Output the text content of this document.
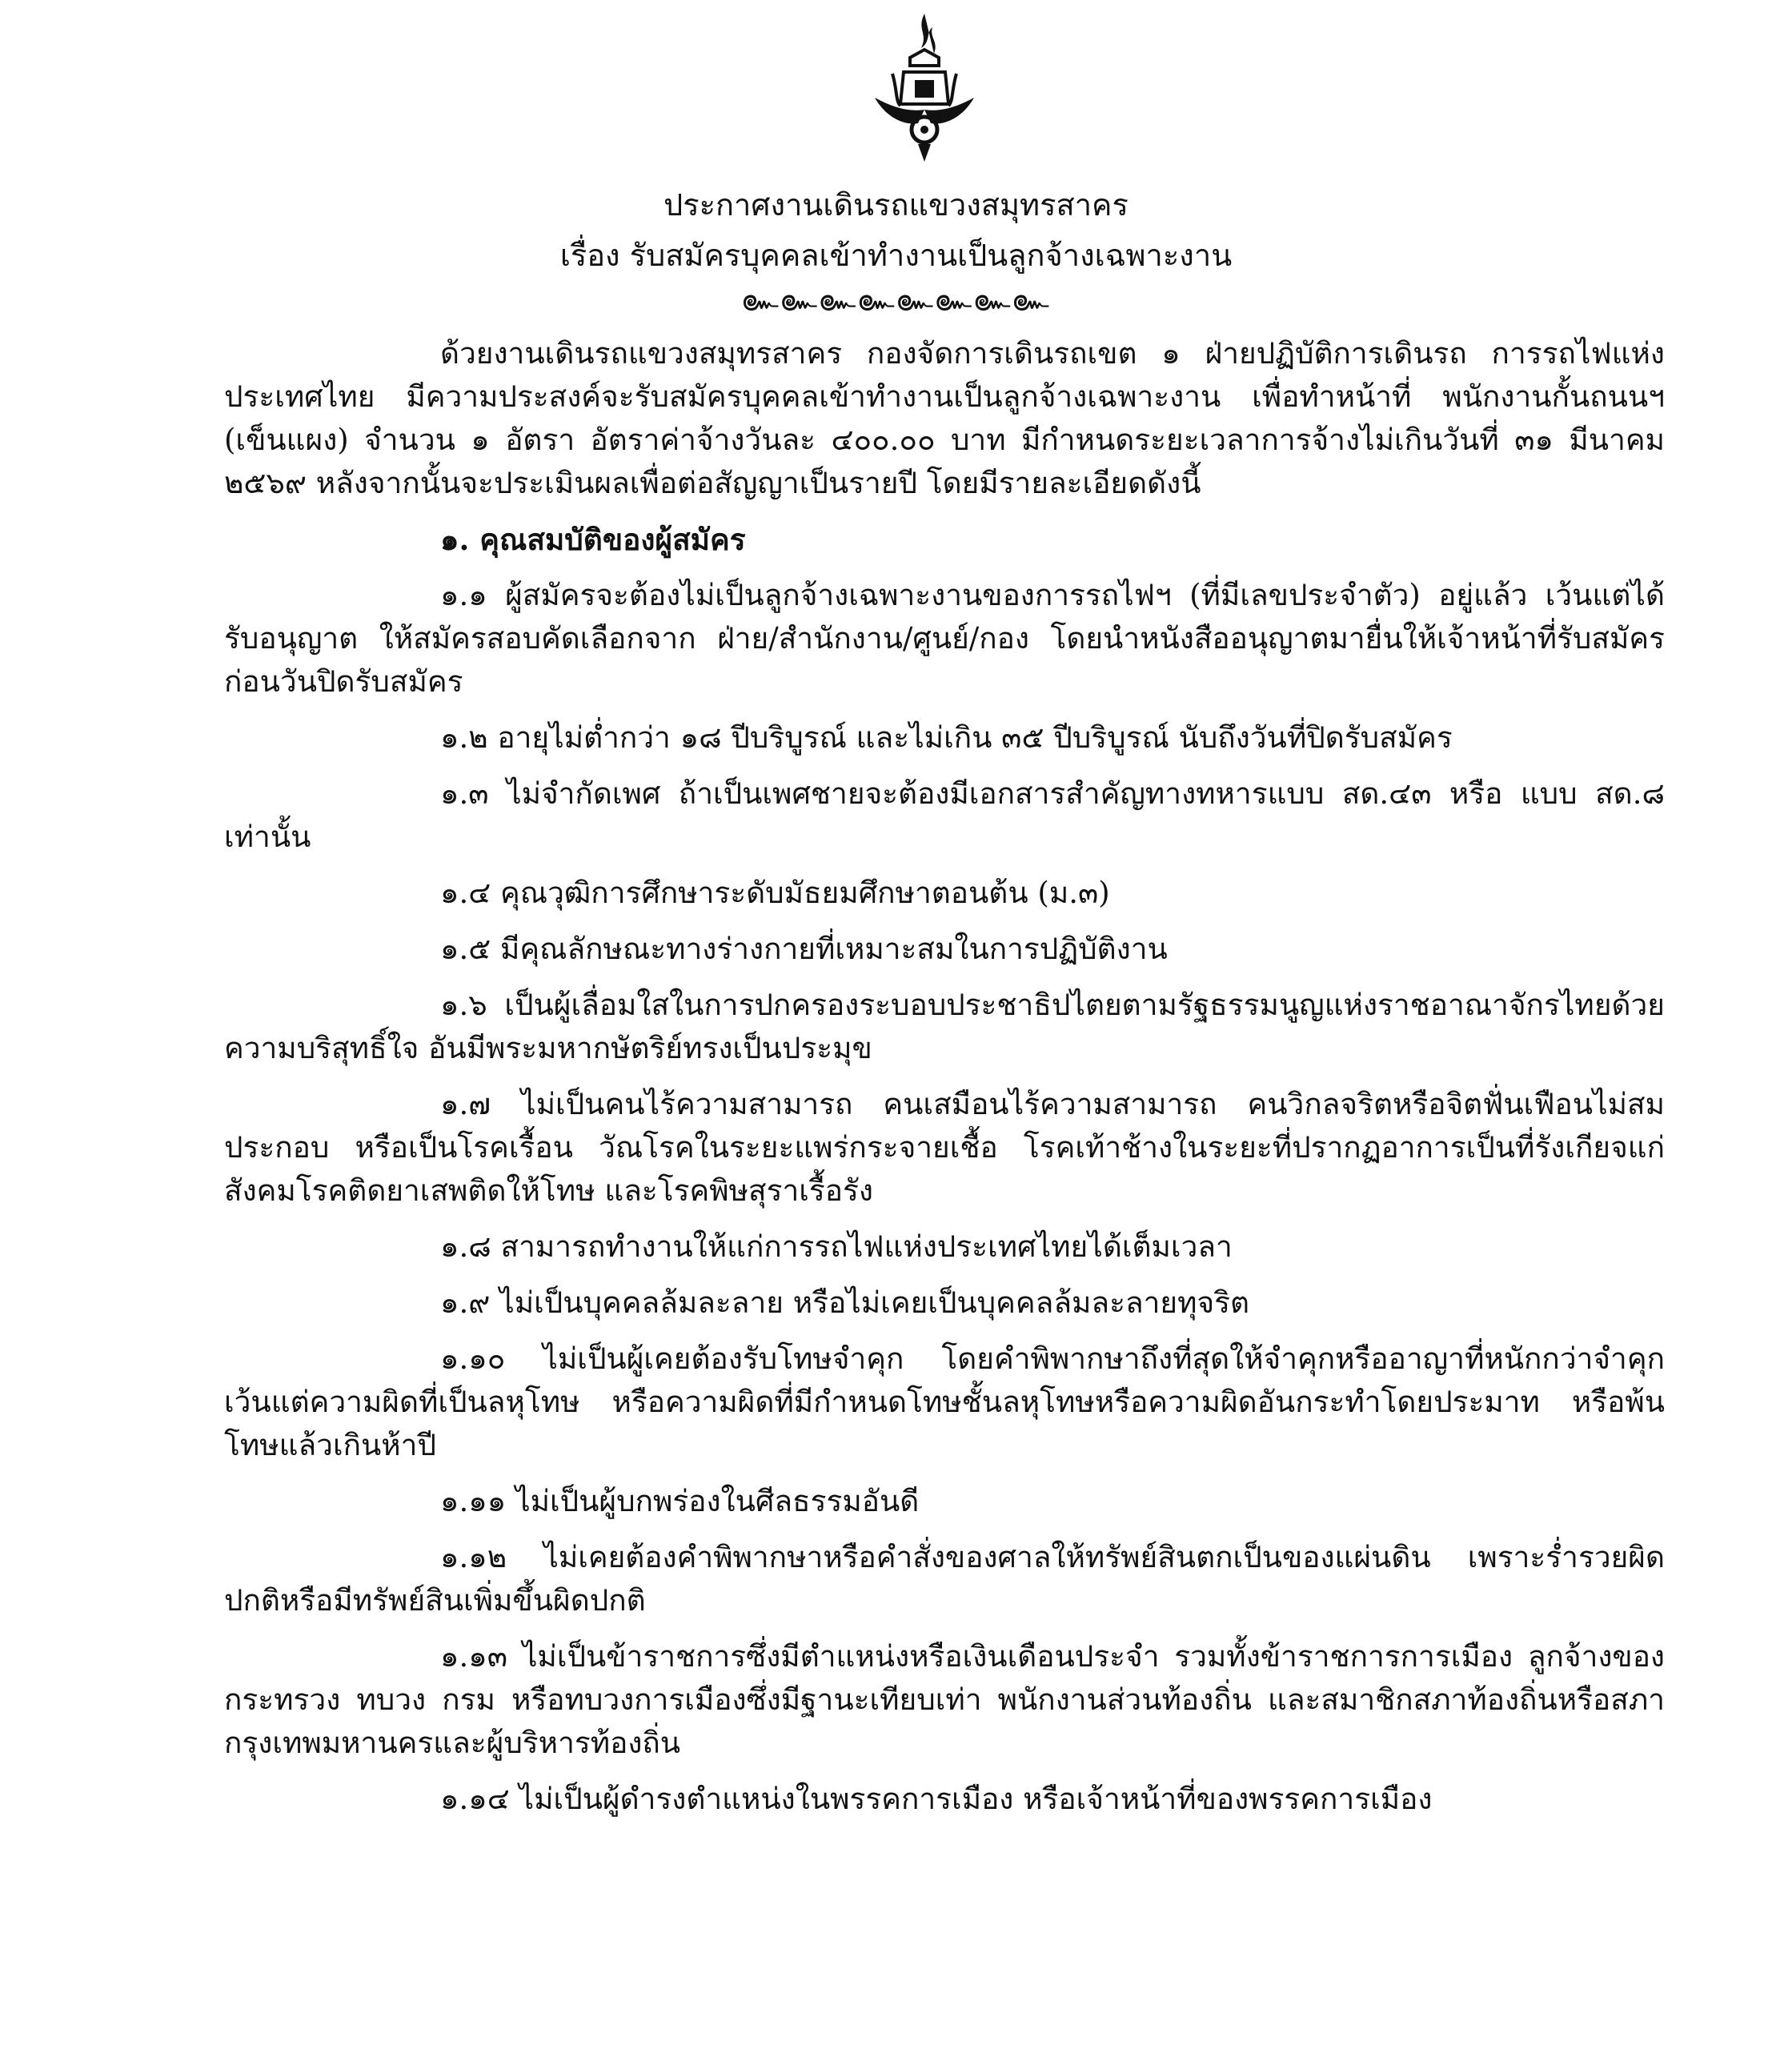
ประกาศงานเดินรถแขวงสมุทรสาคร
เรื่อง รับสมัครบุคคลเข้าทำงานเป็นลูกจ้างเฉพาะงาน
๛๛๛๛๛๛๛๛

ด้วยงานเดินรถแขวงสมุทรสาคร กองจัดการเดินรถเขต ๑ ฝ่ายปฏิบัติการเดินรถ การรถไฟแห่งประเทศไทย มีความประสงค์จะรับสมัครบุคคลเข้าทำงานเป็นลูกจ้างเฉพาะงาน เพื่อทำหน้าที่ พนักงานกั้นถนนฯ (เข็นแผง) จำนวน ๑ อัตรา อัตราค่าจ้างวันละ ๔๐๐.๐๐ บาท มีกำหนดระยะเวลาการจ้างไม่เกินวันที่ ๓๑ มีนาคม ๒๕๖๙ หลังจากนั้นจะประเมินผลเพื่อต่อสัญญาเป็นรายปี โดยมีรายละเอียดดังนี้

๑. คุณสมบัติของผู้สมัคร

๑.๑ ผู้สมัครจะต้องไม่เป็นลูกจ้างเฉพาะงานของการรถไฟฯ (ที่มีเลขประจำตัว) อยู่แล้ว เว้นแต่ได้รับอนุญาต ให้สมัครสอบคัดเลือกจาก ฝ่าย/สำนักงาน/ศูนย์/กอง โดยนำหนังสืออนุญาตมายื่นให้เจ้าหน้าที่รับสมัครก่อนวันปิดรับสมัคร

๑.๒ อายุไม่ต่ำกว่า ๑๘ ปีบริบูรณ์ และไม่เกิน ๓๕ ปีบริบูรณ์ นับถึงวันที่ปิดรับสมัคร

๑.๓ ไม่จำกัดเพศ ถ้าเป็นเพศชายจะต้องมีเอกสารสำคัญทางทหารแบบ สด.๔๓ หรือ แบบ สด.๘ เท่านั้น

๑.๔ คุณวุฒิการศึกษาระดับมัธยมศึกษาตอนต้น (ม.๓)

๑.๕ มีคุณลักษณะทางร่างกายที่เหมาะสมในการปฏิบัติงาน

๑.๖ เป็นผู้เลื่อมใสในการปกครองระบอบประชาธิปไตยตามรัฐธรรมนูญแห่งราชอาณาจักรไทยด้วยความบริสุทธิ์ใจ อันมีพระมหากษัตริย์ทรงเป็นประมุข

๑.๗ ไม่เป็นคนไร้ความสามารถ คนเสมือนไร้ความสามารถ คนวิกลจริตหรือจิตฟั่นเฟือนไม่สมประกอบ หรือเป็นโรคเรื้อน วัณโรคในระยะแพร่กระจายเชื้อ โรคเท้าช้างในระยะที่ปรากฏอาการเป็นที่รังเกียจแก่สังคมโรคติดยาเสพติดให้โทษ และโรคพิษสุราเรื้อรัง

๑.๘ สามารถทำงานให้แก่การรถไฟแห่งประเทศไทยได้เต็มเวลา

๑.๙ ไม่เป็นบุคคลล้มละลาย หรือไม่เคยเป็นบุคคลล้มละลายทุจริต

๑.๑๐ ไม่เป็นผู้เคยต้องรับโทษจำคุก โดยคำพิพากษาถึงที่สุดให้จำคุกหรืออาญาที่หนักกว่าจำคุก เว้นแต่ความผิดที่เป็นลหุโทษ หรือความผิดที่มีกำหนดโทษชั้นลหุโทษหรือความผิดอันกระทำโดยประมาท หรือพ้นโทษแล้วเกินห้าปี

๑.๑๑ ไม่เป็นผู้บกพร่องในศีลธรรมอันดี

๑.๑๒ ไม่เคยต้องคำพิพากษาหรือคำสั่งของศาลให้ทรัพย์สินตกเป็นของแผ่นดิน เพราะร่ำรวยผิดปกติหรือมีทรัพย์สินเพิ่มขึ้นผิดปกติ

๑.๑๓ ไม่เป็นข้าราชการซึ่งมีตำแหน่งหรือเงินเดือนประจำ รวมทั้งข้าราชการการเมือง ลูกจ้างของกระทรวง ทบวง กรม หรือทบวงการเมืองซึ่งมีฐานะเทียบเท่า พนักงานส่วนท้องถิ่น และสมาชิกสภาท้องถิ่นหรือสภากรุงเทพมหานครและผู้บริหารท้องถิ่น

๑.๑๔ ไม่เป็นผู้ดำรงตำแหน่งในพรรคการเมือง หรือเจ้าหน้าที่ของพรรคการเมือง
